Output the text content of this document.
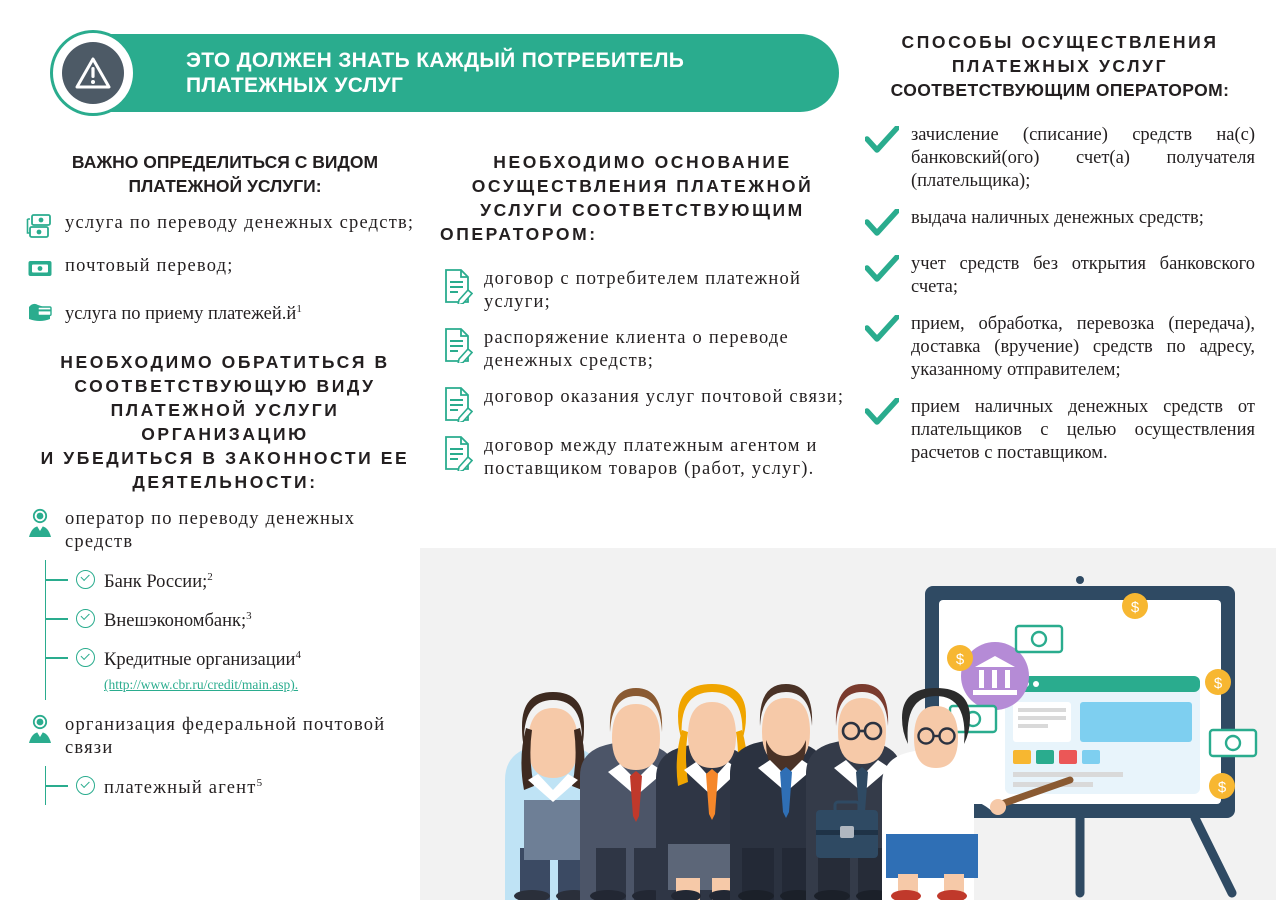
ЭТО ДОЛЖЕН ЗНАТЬ КАЖДЫЙ ПОТРЕБИТЕЛЬ ПЛАТЕЖНЫХ УСЛУГ
ВАЖНО ОПРЕДЕЛИТЬСЯ С ВИДОМ
ПЛАТЕЖНОЙ УСЛУГИ:
услуга по переводу денежных средств;
почтовый перевод;
услуга по приему $платежей.й^1$
НЕОБХОДИМО ОБРАТИТЬСЯ В
СООТВЕТСТВУЮЩУЮ ВИДУ
ПЛАТЕЖНОЙ УСЛУГИ ОРГАНИЗАЦИЮ
И УБЕДИТЬСЯ В ЗАКОННОСТИ ЕЕ
ДЕЯТЕЛЬНОСТИ:
оператор по переводу денежных средств
Банк России;$^2$
Внешэкономбанк;$^3$
Кредитные организации$^4$
(http://www.cbr.ru/credit/main.asp).
организация федеральной почтовой связи
платежный агент$^5$
НЕОБХОДИМО ОСНОВАНИЕ
ОСУЩЕСТВЛЕНИЯ ПЛАТЕЖНОЙ
УСЛУГИ СООТВЕТСТВУЮЩИМ

ОПЕРАТОРОМ:
договор с потребителем платежной услуги;
распоряжение клиента о переводе денежных средств;
договор оказания услуг почтовой связи;
договор между платежным агентом и поставщиком товаров (работ, услуг).
СПОСОБЫ ОСУЩЕСТВЛЕНИЯ
ПЛАТЕЖНЫХ УСЛУГ
СООТВЕТСТВУЮЩИМ ОПЕРАТОРОМ:
зачисление (списание) средств на(с) банковский(ого) счет(а) получателя (плательщика);
выдача наличных денежных средств;
учет средств без открытия банковского счета;
прием, обработка, перевозка (передача), доставка (вручение) средств по адресу, указанному отправителем;
прием наличных денежных средств от плательщиков с целью осуществления расчетов с поставщиком.
$
$
$
$
